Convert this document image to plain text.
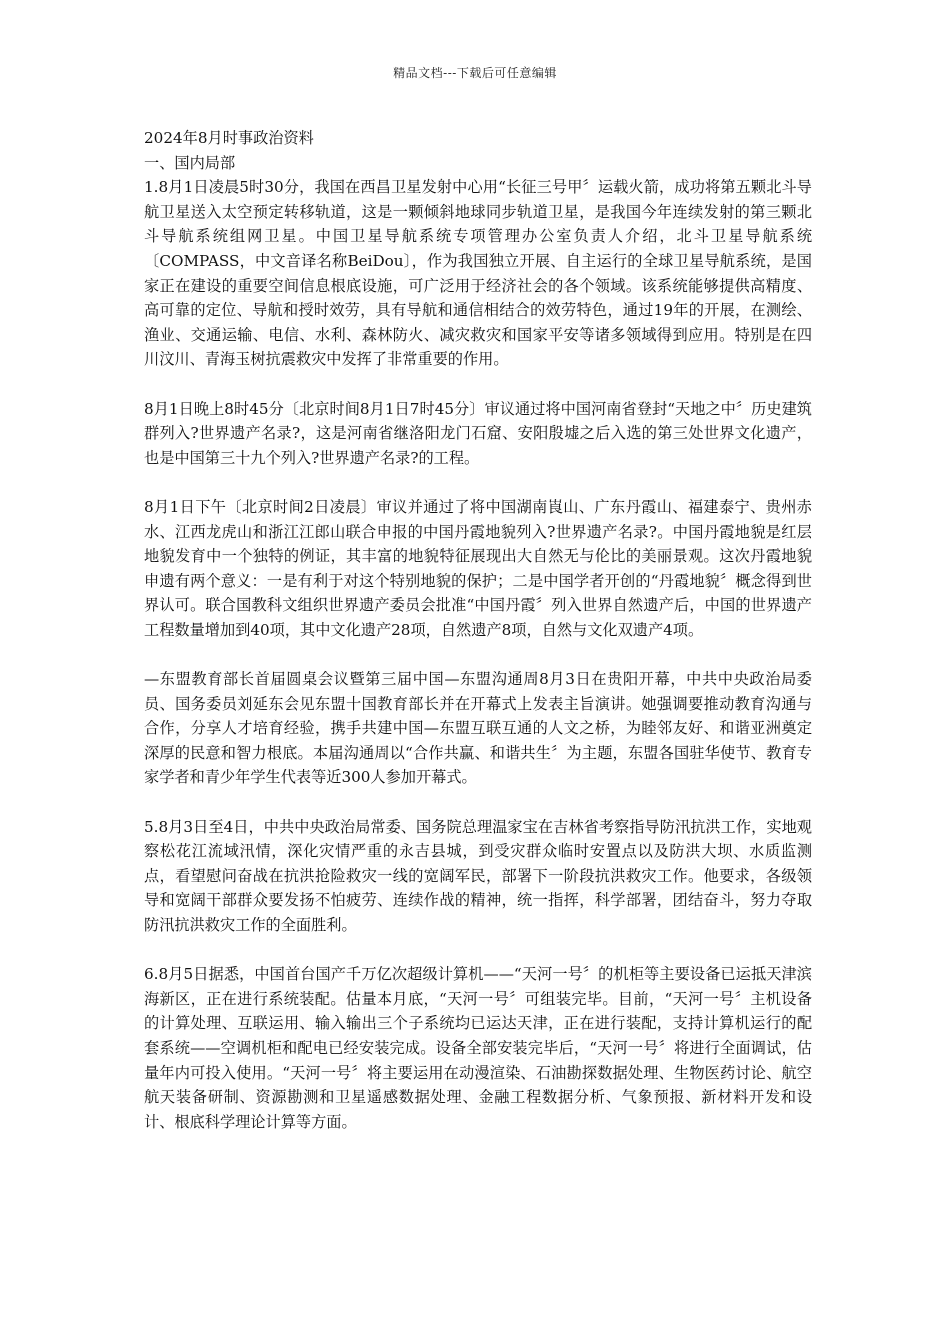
精品文档---下载后可任意编辑

2024年8月时事政治资料

一、国内局部

1.8月1日凌晨5时30分，我国在西昌卫星发射中心用“长征三号甲〞运载火箭，成功将第五颗北斗导航卫星送入太空预定转移轨道，这是一颗倾斜地球同步轨道卫星，是我国今年连续发射的第三颗北斗导航系统组网卫星。中国卫星导航系统专项管理办公室负责人介绍，北斗卫星导航系统〔COMPASS，中文音译名称BeiDou〕，作为我国独立开展、自主运行的全球卫星导航系统，是国家正在建设的重要空间信息根底设施，可广泛用于经济社会的各个领域。该系统能够提供高精度、高可靠的定位、导航和授时效劳，具有导航和通信相结合的效劳特色，通过19年的开展，在测绘、渔业、交通运输、电信、水利、森林防火、减灾救灾和国家平安等诸多领域得到应用。特别是在四川汶川、青海玉树抗震救灾中发挥了非常重要的作用。

8月1日晚上8时45分〔北京时间8月1日7时45分〕审议通过将中国河南省登封“天地之中〞历史建筑群列入?世界遗产名录?，这是河南省继洛阳龙门石窟、安阳殷墟之后入选的第三处世界文化遗产，也是中国第三十九个列入?世界遗产名录?的工程。

8月1日下午〔北京时间2日凌晨〕审议并通过了将中国湖南崀山、广东丹霞山、福建泰宁、贵州赤水、江西龙虎山和浙江江郎山联合申报的中国丹霞地貌列入?世界遗产名录?。中国丹霞地貌是红层地貌发育中一个独特的例证，其丰富的地貌特征展现出大自然无与伦比的美丽景观。这次丹霞地貌申遗有两个意义：一是有利于对这个特别地貌的保护；二是中国学者开创的“丹霞地貌〞概念得到世界认可。联合国教科文组织世界遗产委员会批准“中国丹霞〞列入世界自然遗产后，中国的世界遗产工程数量增加到40项，其中文化遗产28项，自然遗产8项，自然与文化双遗产4项。

—东盟教育部长首届圆桌会议暨第三届中国—东盟沟通周8月3日在贵阳开幕，中共中央政治局委员、国务委员刘延东会见东盟十国教育部长并在开幕式上发表主旨演讲。她强调要推动教育沟通与合作，分享人才培育经验，携手共建中国—东盟互联互通的人文之桥，为睦邻友好、和谐亚洲奠定深厚的民意和智力根底。本届沟通周以“合作共赢、和谐共生〞为主题，东盟各国驻华使节、教育专家学者和青少年学生代表等近300人参加开幕式。

5.8月3日至4日，中共中央政治局常委、国务院总理温家宝在吉林省考察指导防汛抗洪工作，实地观察松花江流域汛情，深化灾情严重的永吉县城，到受灾群众临时安置点以及防洪大坝、水质监测点，看望慰问奋战在抗洪抢险救灾一线的宽阔军民，部署下一阶段抗洪救灾工作。他要求，各级领导和宽阔干部群众要发扬不怕疲劳、连续作战的精神，统一指挥，科学部署，团结奋斗，努力夺取防汛抗洪救灾工作的全面胜利。

6.8月5日据悉，中国首台国产千万亿次超级计算机——“天河一号〞的机柜等主要设备已运抵天津滨海新区，正在进行系统装配。估量本月底，“天河一号〞可组装完毕。目前，“天河一号〞主机设备的计算处理、互联运用、输入输出三个子系统均已运达天津，正在进行装配，支持计算机运行的配套系统——空调机柜和配电已经安装完成。设备全部安装完毕后，“天河一号〞将进行全面调试，估量年内可投入使用。“天河一号〞将主要运用在动漫渲染、石油勘探数据处理、生物医药讨论、航空航天装备研制、资源勘测和卫星遥感数据处理、金融工程数据分析、气象预报、新材料开发和设计、根底科学理论计算等方面。
